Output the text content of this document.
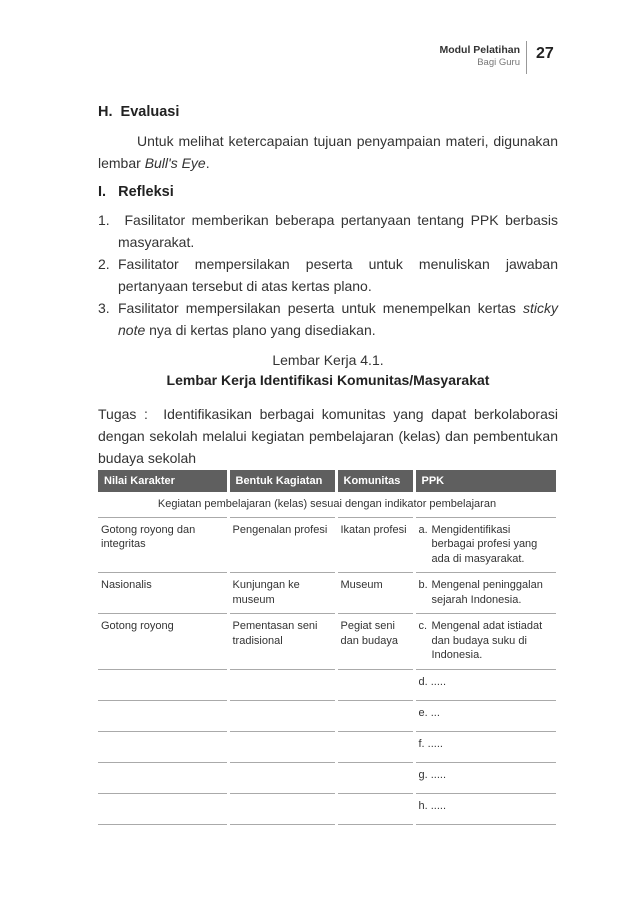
Modul Pelatihan
Bagi Guru
27
H.  Evaluasi
Untuk melihat ketercapaian tujuan penyampaian materi, digunakan lembar Bull's Eye.
I.   Refleksi
1. Fasilitator memberikan beberapa pertanyaan tentang PPK berbasis masyarakat.
2. Fasilitator mempersilakan peserta untuk menuliskan jawaban pertanyaan tersebut di atas kertas plano.
3. Fasilitator mempersilakan peserta untuk menempelkan kertas sticky note nya di kertas plano yang disediakan.
Lembar Kerja 4.1.
Lembar Kerja Identifikasi Komunitas/Masyarakat
Tugas :  Identifikasikan berbagai komunitas yang dapat berkolaborasi dengan sekolah melalui kegiatan pembelajaran (kelas) dan pembentukan budaya sekolah
Nilai Karakter	Bentuk Kagiatan	Komunitas	PPK
Kegiatan pembelajaran (kelas) sesuai dengan indikator pembelajaran			
Gotong royong dan integritas	Pengenalan profesi	Ikatan profesi	a. Mengidentifikasi berbagai profesi yang ada di masyarakat.

Nasionalis	Kunjungan ke museum	Museum	b. Mengenal peninggalan sejarah Indonesia.

Gotong royong	Pementasan seni tradisional	Pegiat seni dan budaya	c. Mengenal adat istiadat dan budaya suku di Indonesia.

			d. .....
			e. ...
			f. .....
			g. .....
			h. .....
